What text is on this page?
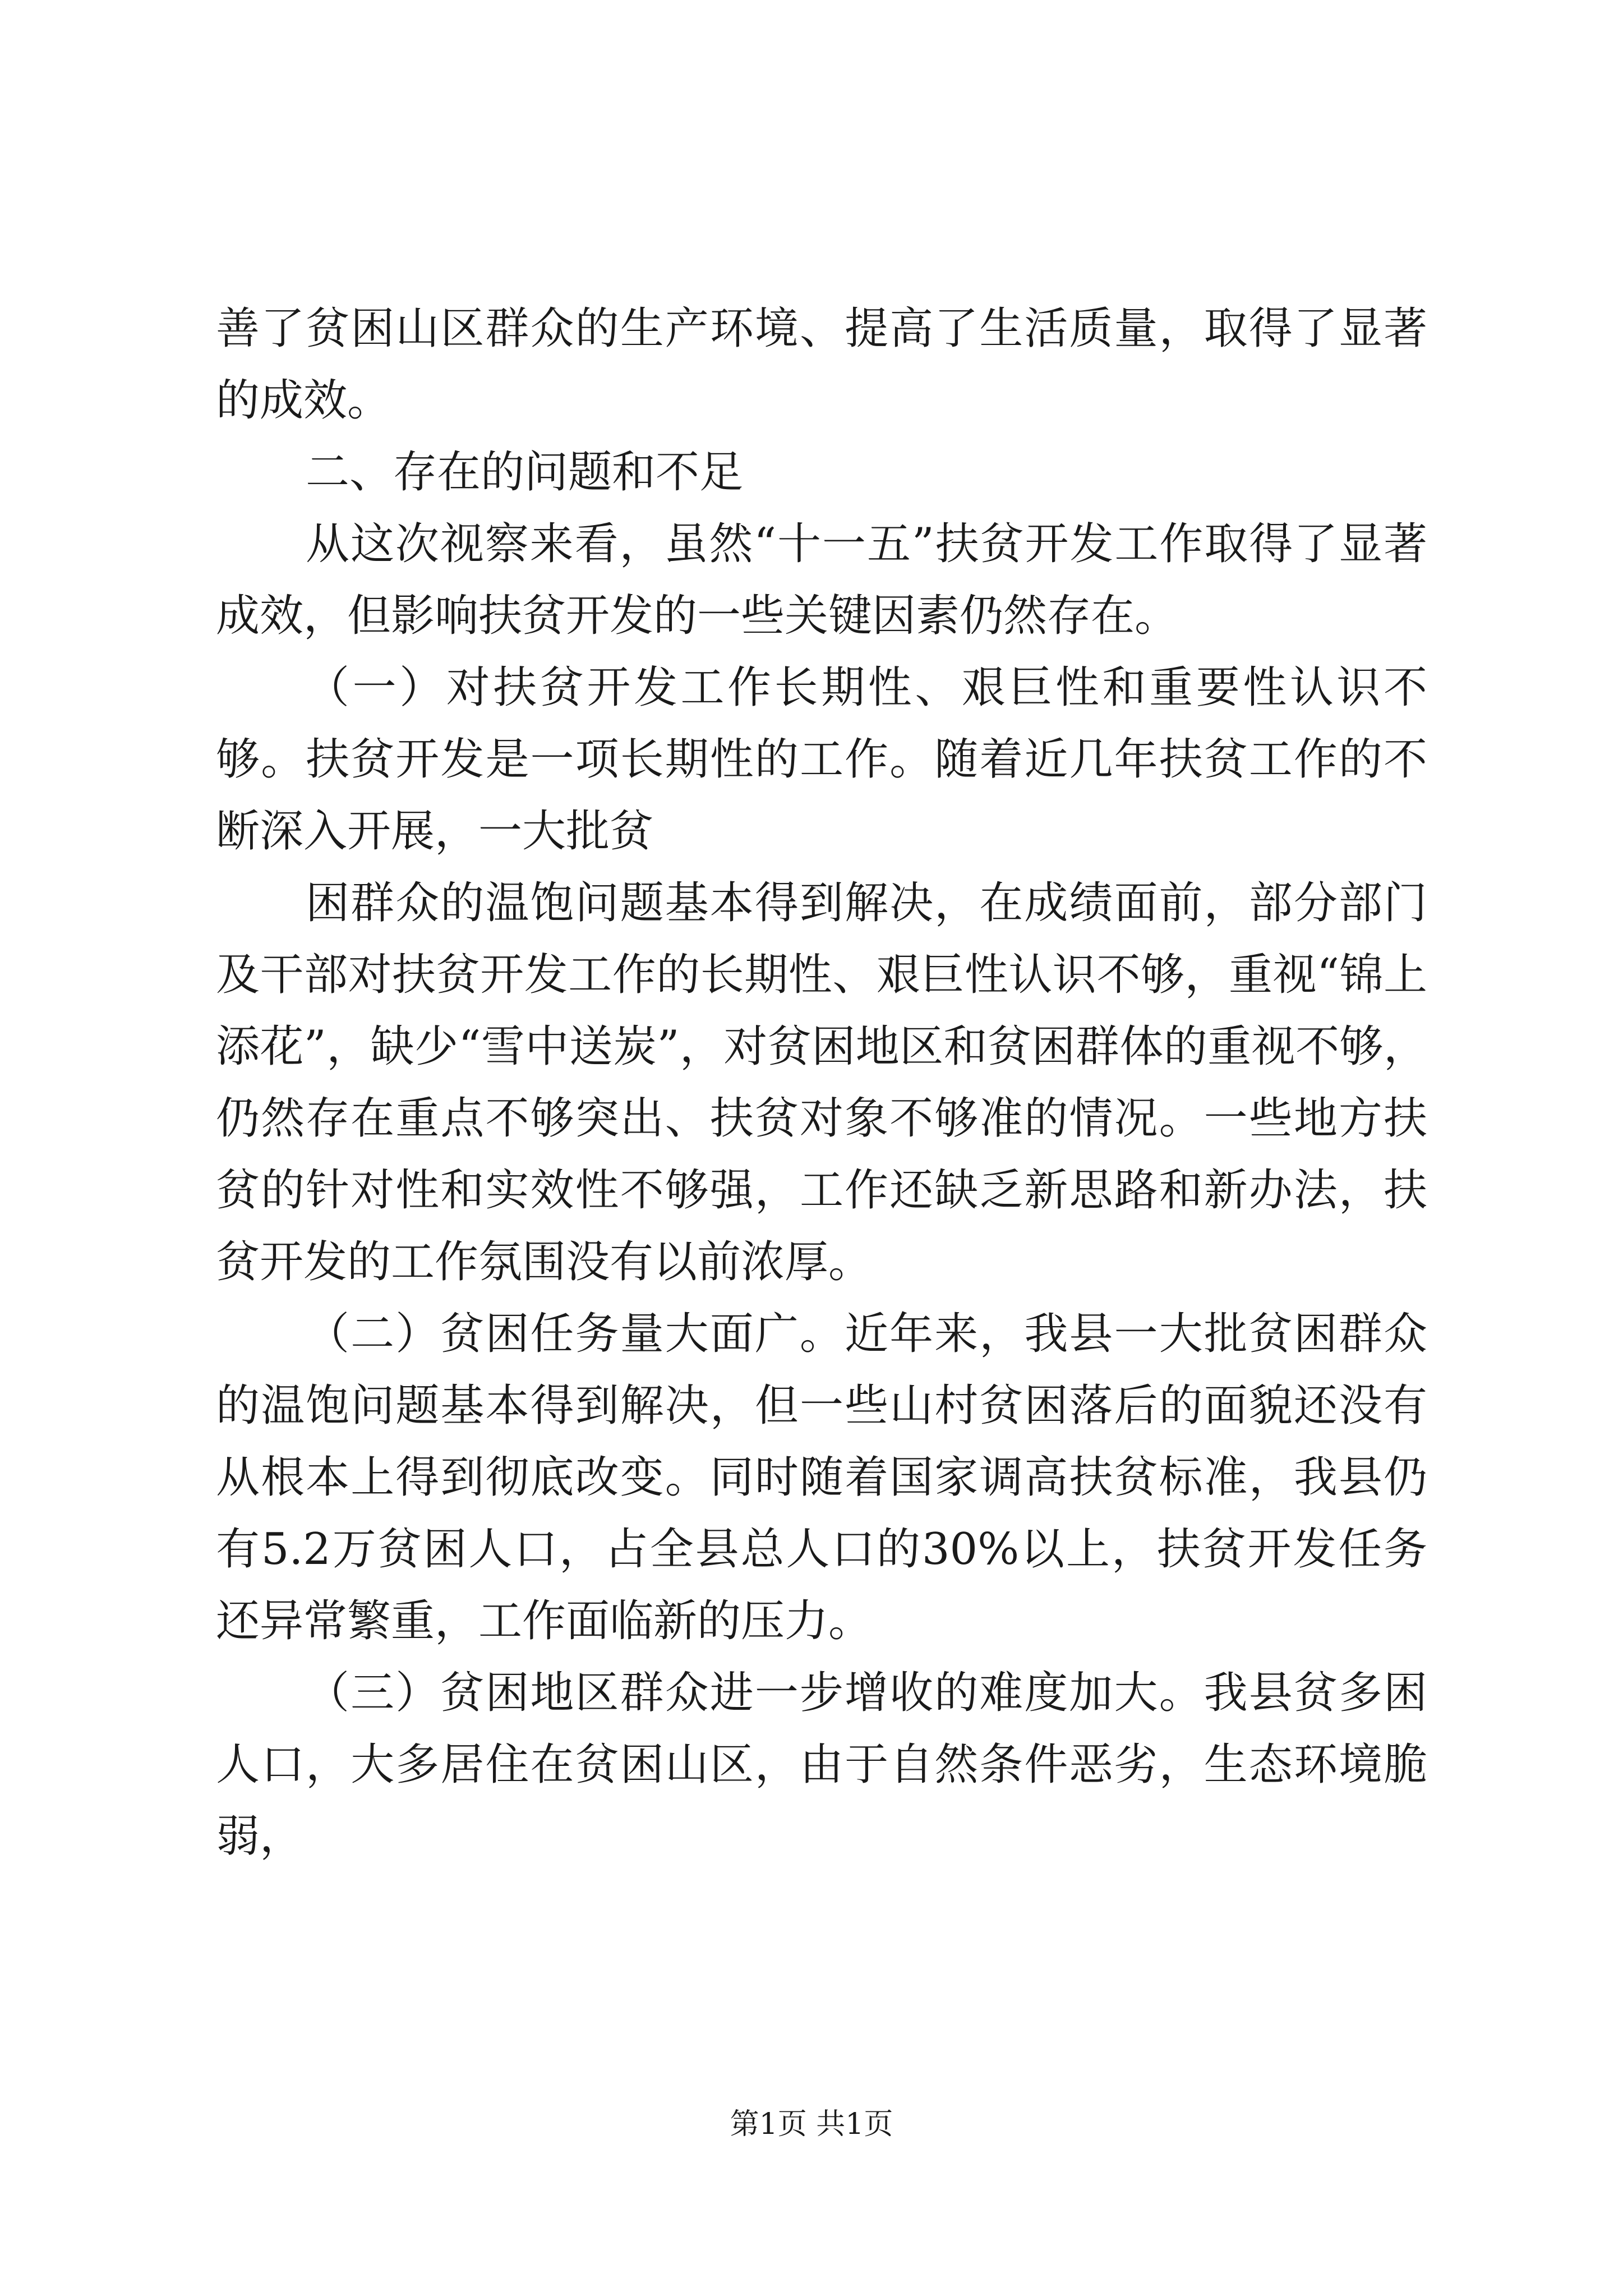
善了贫困山区群众的生产环境、提高了生活质量，取得了显著的成效。

二、存在的问题和不足

从这次视察来看，虽然“十一五”扶贫开发工作取得了显著成效，但影响扶贫开发的一些关键因素仍然存在。

（一）对扶贫开发工作长期性、艰巨性和重要性认识不够。扶贫开发是一项长期性的工作。随着近几年扶贫工作的不断深入开展，一大批贫

困群众的温饱问题基本得到解决，在成绩面前，部分部门及干部对扶贫开发工作的长期性、艰巨性认识不够，重视“锦上添花”，缺少“雪中送炭”，对贫困地区和贫困群体的重视不够，仍然存在重点不够突出、扶贫对象不够准的情况。一些地方扶贫的针对性和实效性不够强，工作还缺乏新思路和新办法，扶贫开发的工作氛围没有以前浓厚。

（二）贫困任务量大面广。近年来，我县一大批贫困群众的温饱问题基本得到解决，但一些山村贫困落后的面貌还没有从根本上得到彻底改变。同时随着国家调高扶贫标准，我县仍有5.2万贫困人口，占全县总人口的30%以上，扶贫开发任务还异常繁重，工作面临新的压力。

（三）贫困地区群众进一步增收的难度加大。我县贫多困人口，大多居住在贫困山区，由于自然条件恶劣，生态环境脆弱，

第1页 共1页
